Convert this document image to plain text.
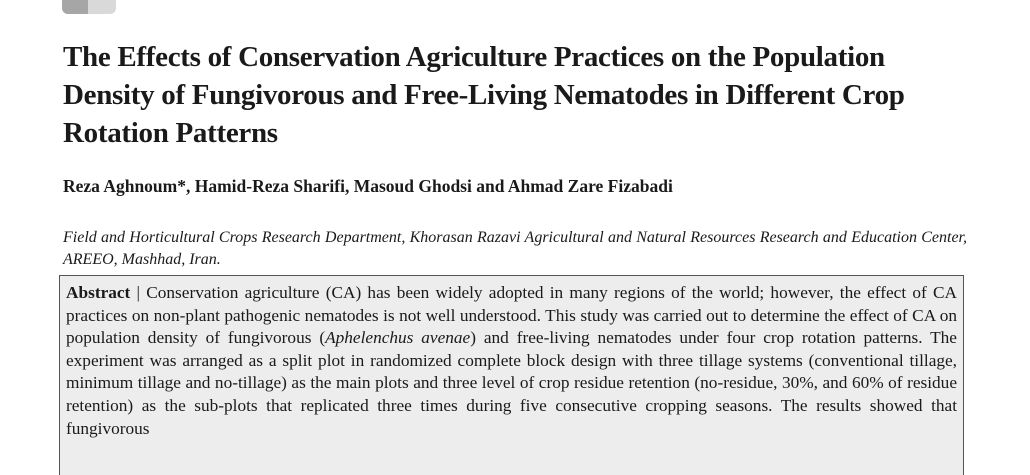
The Effects of Conservation Agriculture Practices on the Population Density of Fungivorous and Free-Living Nematodes in Different Crop Rotation Patterns

Reza Aghnoum*, Hamid-Reza Sharifi, Masoud Ghodsi and Ahmad Zare Fizabadi

Field and Horticultural Crops Research Department, Khorasan Razavi Agricultural and Natural Resources Research and Education Center, AREEO, Mashhad, Iran.

Abstract | Conservation agriculture (CA) has been widely adopted in many regions of the world; however, the effect of CA practices on non-plant pathogenic nematodes is not well understood. This study was carried out to determine the effect of CA on population density of fungivorous (Aphelenchus avenae) and free-living nematodes under four crop rotation patterns. The experiment was arranged as a split plot in randomized complete block design with three tillage systems (conventional tillage, minimum tillage and no-tillage) as the main plots and three level of crop residue retention (no-residue, 30%, and 60% of residue retention) as the sub-plots that replicated three times during five consecutive cropping seasons. The results showed that fungivorous
